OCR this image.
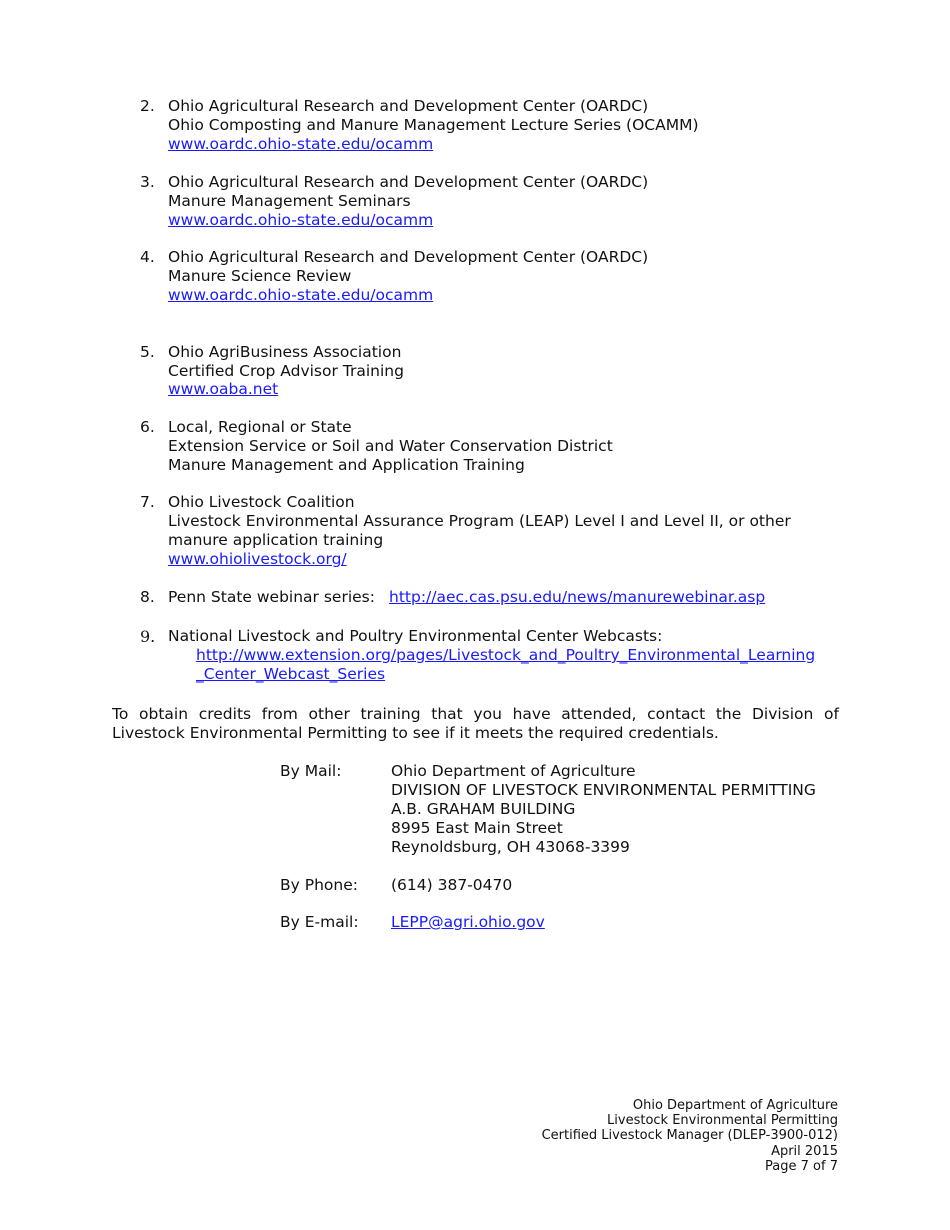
2. Ohio Agricultural Research and Development Center (OARDC)
Ohio Composting and Manure Management Lecture Series (OCAMM)
www.oardc.ohio-state.edu/ocamm
3. Ohio Agricultural Research and Development Center (OARDC)
Manure Management Seminars
www.oardc.ohio-state.edu/ocamm
4. Ohio Agricultural Research and Development Center (OARDC)
Manure Science Review
www.oardc.ohio-state.edu/ocamm
5. Ohio AgriBusiness Association
Certified Crop Advisor Training
www.oaba.net
6. Local, Regional or State
Extension Service or Soil and Water Conservation District
Manure Management and Application Training
7. Ohio Livestock Coalition
Livestock Environmental Assurance Program (LEAP) Level I and Level II, or other
manure application training
www.ohiolivestock.org/
8. Penn State webinar series: http://aec.cas.psu.edu/news/manurewebinar.asp
9. National Livestock and Poultry Environmental Center Webcasts:
http://www.extension.org/pages/Livestock_and_Poultry_Environmental_Learning
_Center_Webcast_Series
To obtain credits from other training that you have attended, contact the Division of Livestock Environmental Permitting to see if it meets the required credentials.
By Mail:	Ohio Department of Agriculture
DIVISION OF LIVESTOCK ENVIRONMENTAL PERMITTING
A.B. GRAHAM BUILDING
8995 East Main Street
Reynoldsburg, OH 43068-3399
By Phone: (614) 387-0470
By E-mail: LEPP@agri.ohio.gov
Ohio Department of Agriculture
Livestock Environmental Permitting
Certified Livestock Manager (DLEP-3900-012)
April 2015
Page 7 of 7
